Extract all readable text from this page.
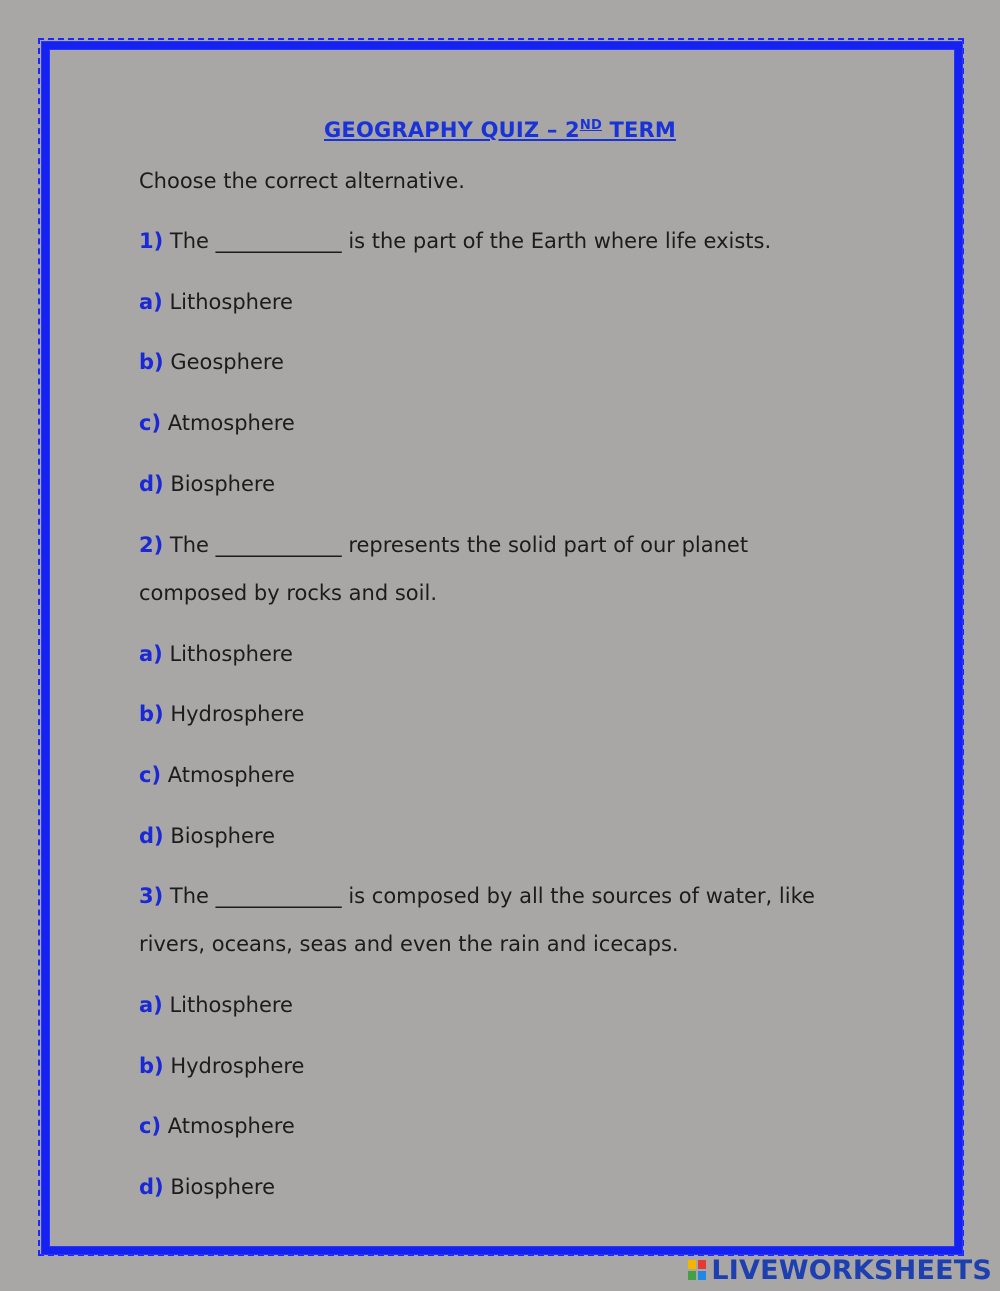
GEOGRAPHY QUIZ – 2ND TERM
Choose the correct alternative.
1) The ____________ is the part of the Earth where life exists.
a) Lithosphere
b) Geosphere
c) Atmosphere
d) Biosphere
2) The ____________ represents the solid part of our planet
composed by rocks and soil.
a) Lithosphere
b) Hydrosphere
c) Atmosphere
d) Biosphere
3) The ____________ is composed by all the sources of water, like
rivers, oceans, seas and even the rain and icecaps.
a) Lithosphere
b) Hydrosphere
c) Atmosphere
d) Biosphere
LIVEWORKSHEETS
